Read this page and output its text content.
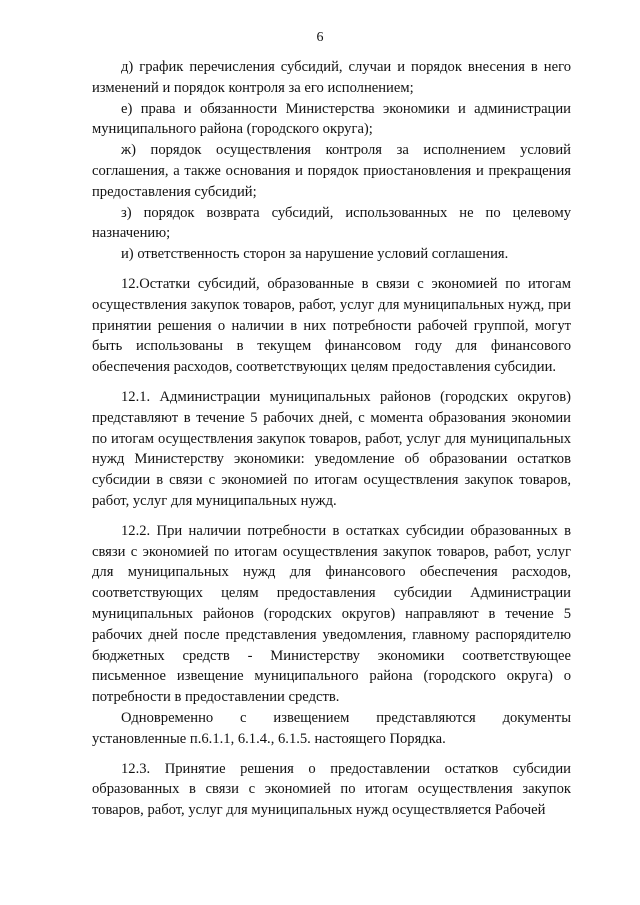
6

д) график перечисления субсидий, случаи и порядок внесения в него изменений и порядок контроля за его исполнением;

е) права и обязанности Министерства экономики и администрации муниципального района (городского округа);

ж) порядок осуществления контроля за исполнением условий соглашения, а также основания и порядок приостановления и прекращения предоставления субсидий;

з) порядок возврата субсидий, использованных не по целевому назначению;

и) ответственность сторон за нарушение условий соглашения.

12.Остатки субсидий, образованные в связи с экономией по итогам осуществления закупок товаров, работ, услуг для муниципальных нужд, при принятии решения о наличии в них потребности рабочей группой, могут быть использованы в текущем финансовом году для финансового обеспечения расходов, соответствующих целям предоставления субсидии.

12.1. Администрации муниципальных районов (городских округов) представляют в течение 5 рабочих дней, с момента образования экономии по итогам осуществления закупок товаров, работ, услуг для муниципальных нужд Министерству экономики: уведомление об образовании остатков субсидии в связи с экономией по итогам осуществления закупок товаров, работ, услуг для муниципальных нужд.

12.2. При наличии потребности в остатках субсидии образованных в связи с экономией по итогам осуществления закупок товаров, работ, услуг для муниципальных нужд для финансового обеспечения расходов, соответствующих целям предоставления субсидии Администрации муниципальных районов (городских округов) направляют в течение 5 рабочих дней после представления уведомления, главному распорядителю бюджетных средств - Министерству экономики соответствующее письменное извещение муниципального района (городского округа) о потребности в предоставлении средств.

Одновременно с извещением представляются документы установленные п.6.1.1, 6.1.4., 6.1.5. настоящего Порядка.

12.3. Принятие решения о предоставлении остатков субсидии образованных в связи с экономией по итогам осуществления закупок товаров, работ, услуг для муниципальных нужд осуществляется Рабочей
